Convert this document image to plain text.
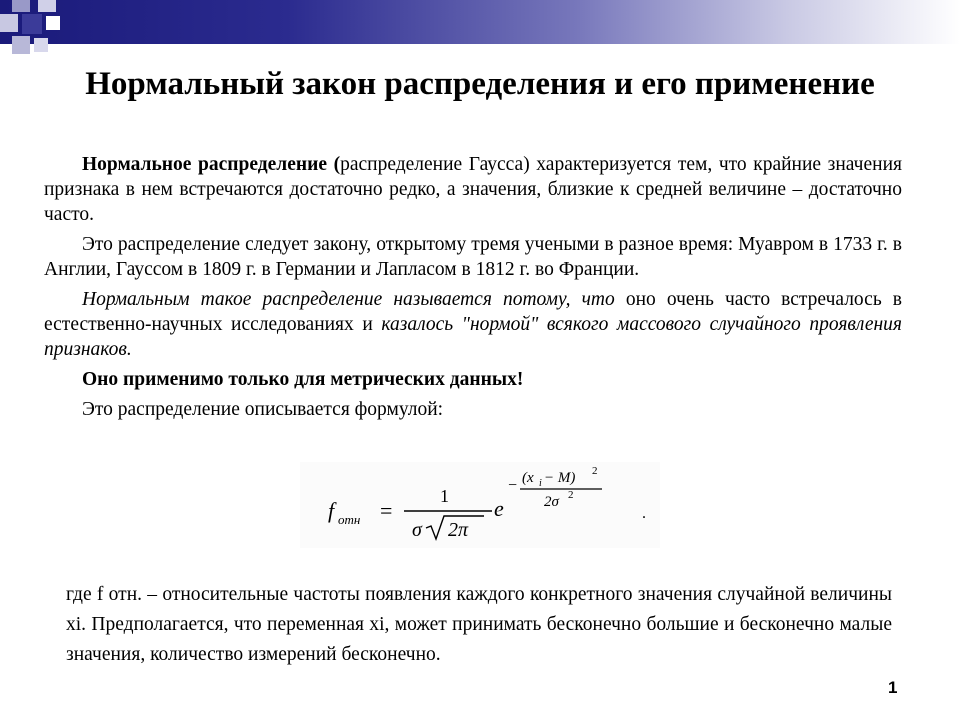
Нормальный закон распределения и его применение

Нормальное распределение (распределение Гаусса) характеризуется тем, что крайние значения признака в нем встречаются достаточно редко, а значения, близкие к средней величине – достаточно часто.

Это распределение следует закону, открытому тремя учеными в разное время: Муавром в 1733 г. в Англии, Гауссом в 1809 г. в Германии и Лапласом в 1812 г. во Франции.

Нормальным такое распределение называется потому, что оно очень часто встречалось в естественно-научных исследованиях и казалось "нормой" всякого массового случайного проявления признаков.

Оно применимо только для метрических данных!

Это распределение описывается формулой:

f отн =
1
σ 2π
e
− (x i − M) 2
2σ 2
.
где f отн. – относительные частоты появления каждого конкретного значения случайной величины xi. Предполагается, что переменная xi, может принимать бесконечно большие и бесконечно малые значения, количество измерений бесконечно.
1
